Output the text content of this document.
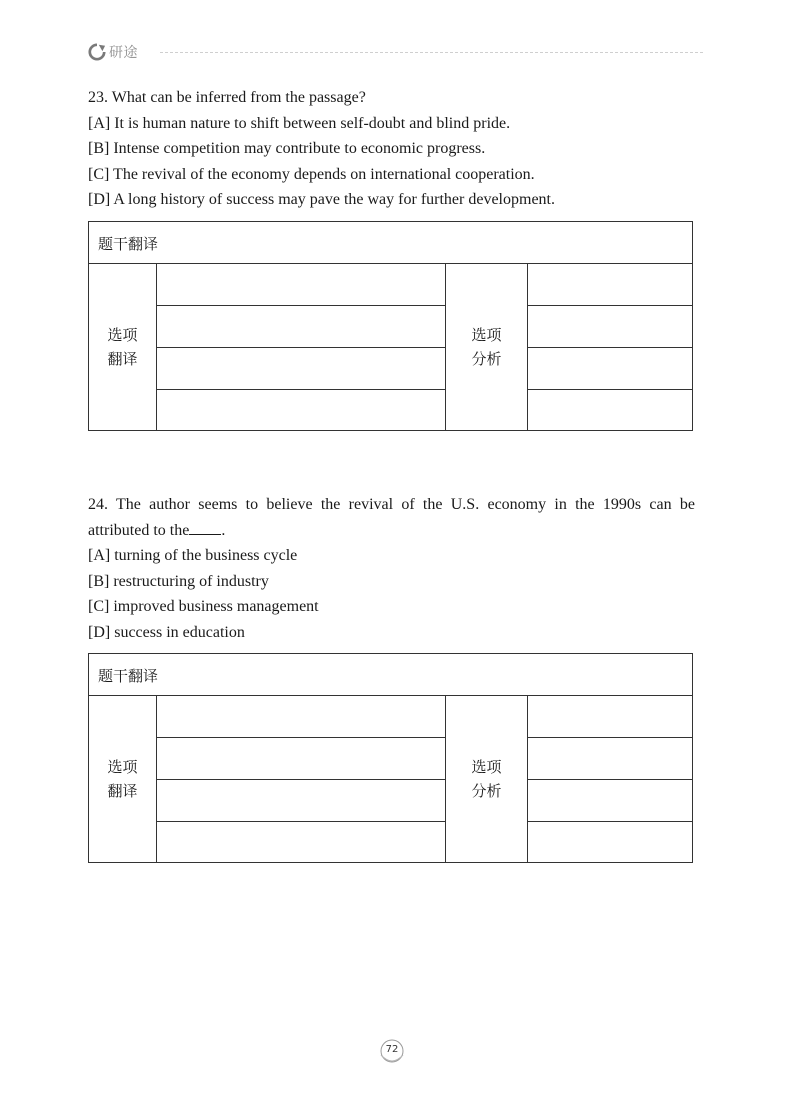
研途
23. What can be inferred from the passage?
[A] It is human nature to shift between self-doubt and blind pride.
[B] Intense competition may contribute to economic progress.
[C] The revival of the economy depends on international cooperation.
[D] A long history of success may pave the way for further development.
题干翻译
选项
翻译
选项
分析
24. The author seems to believe the revival of the U.S. economy in the 1990s can be
attributed to the .
[A] turning of the business cycle
[B] restructuring of industry
[C] improved business management
[D] success in education
题干翻译
选项
翻译
选项
分析
72
